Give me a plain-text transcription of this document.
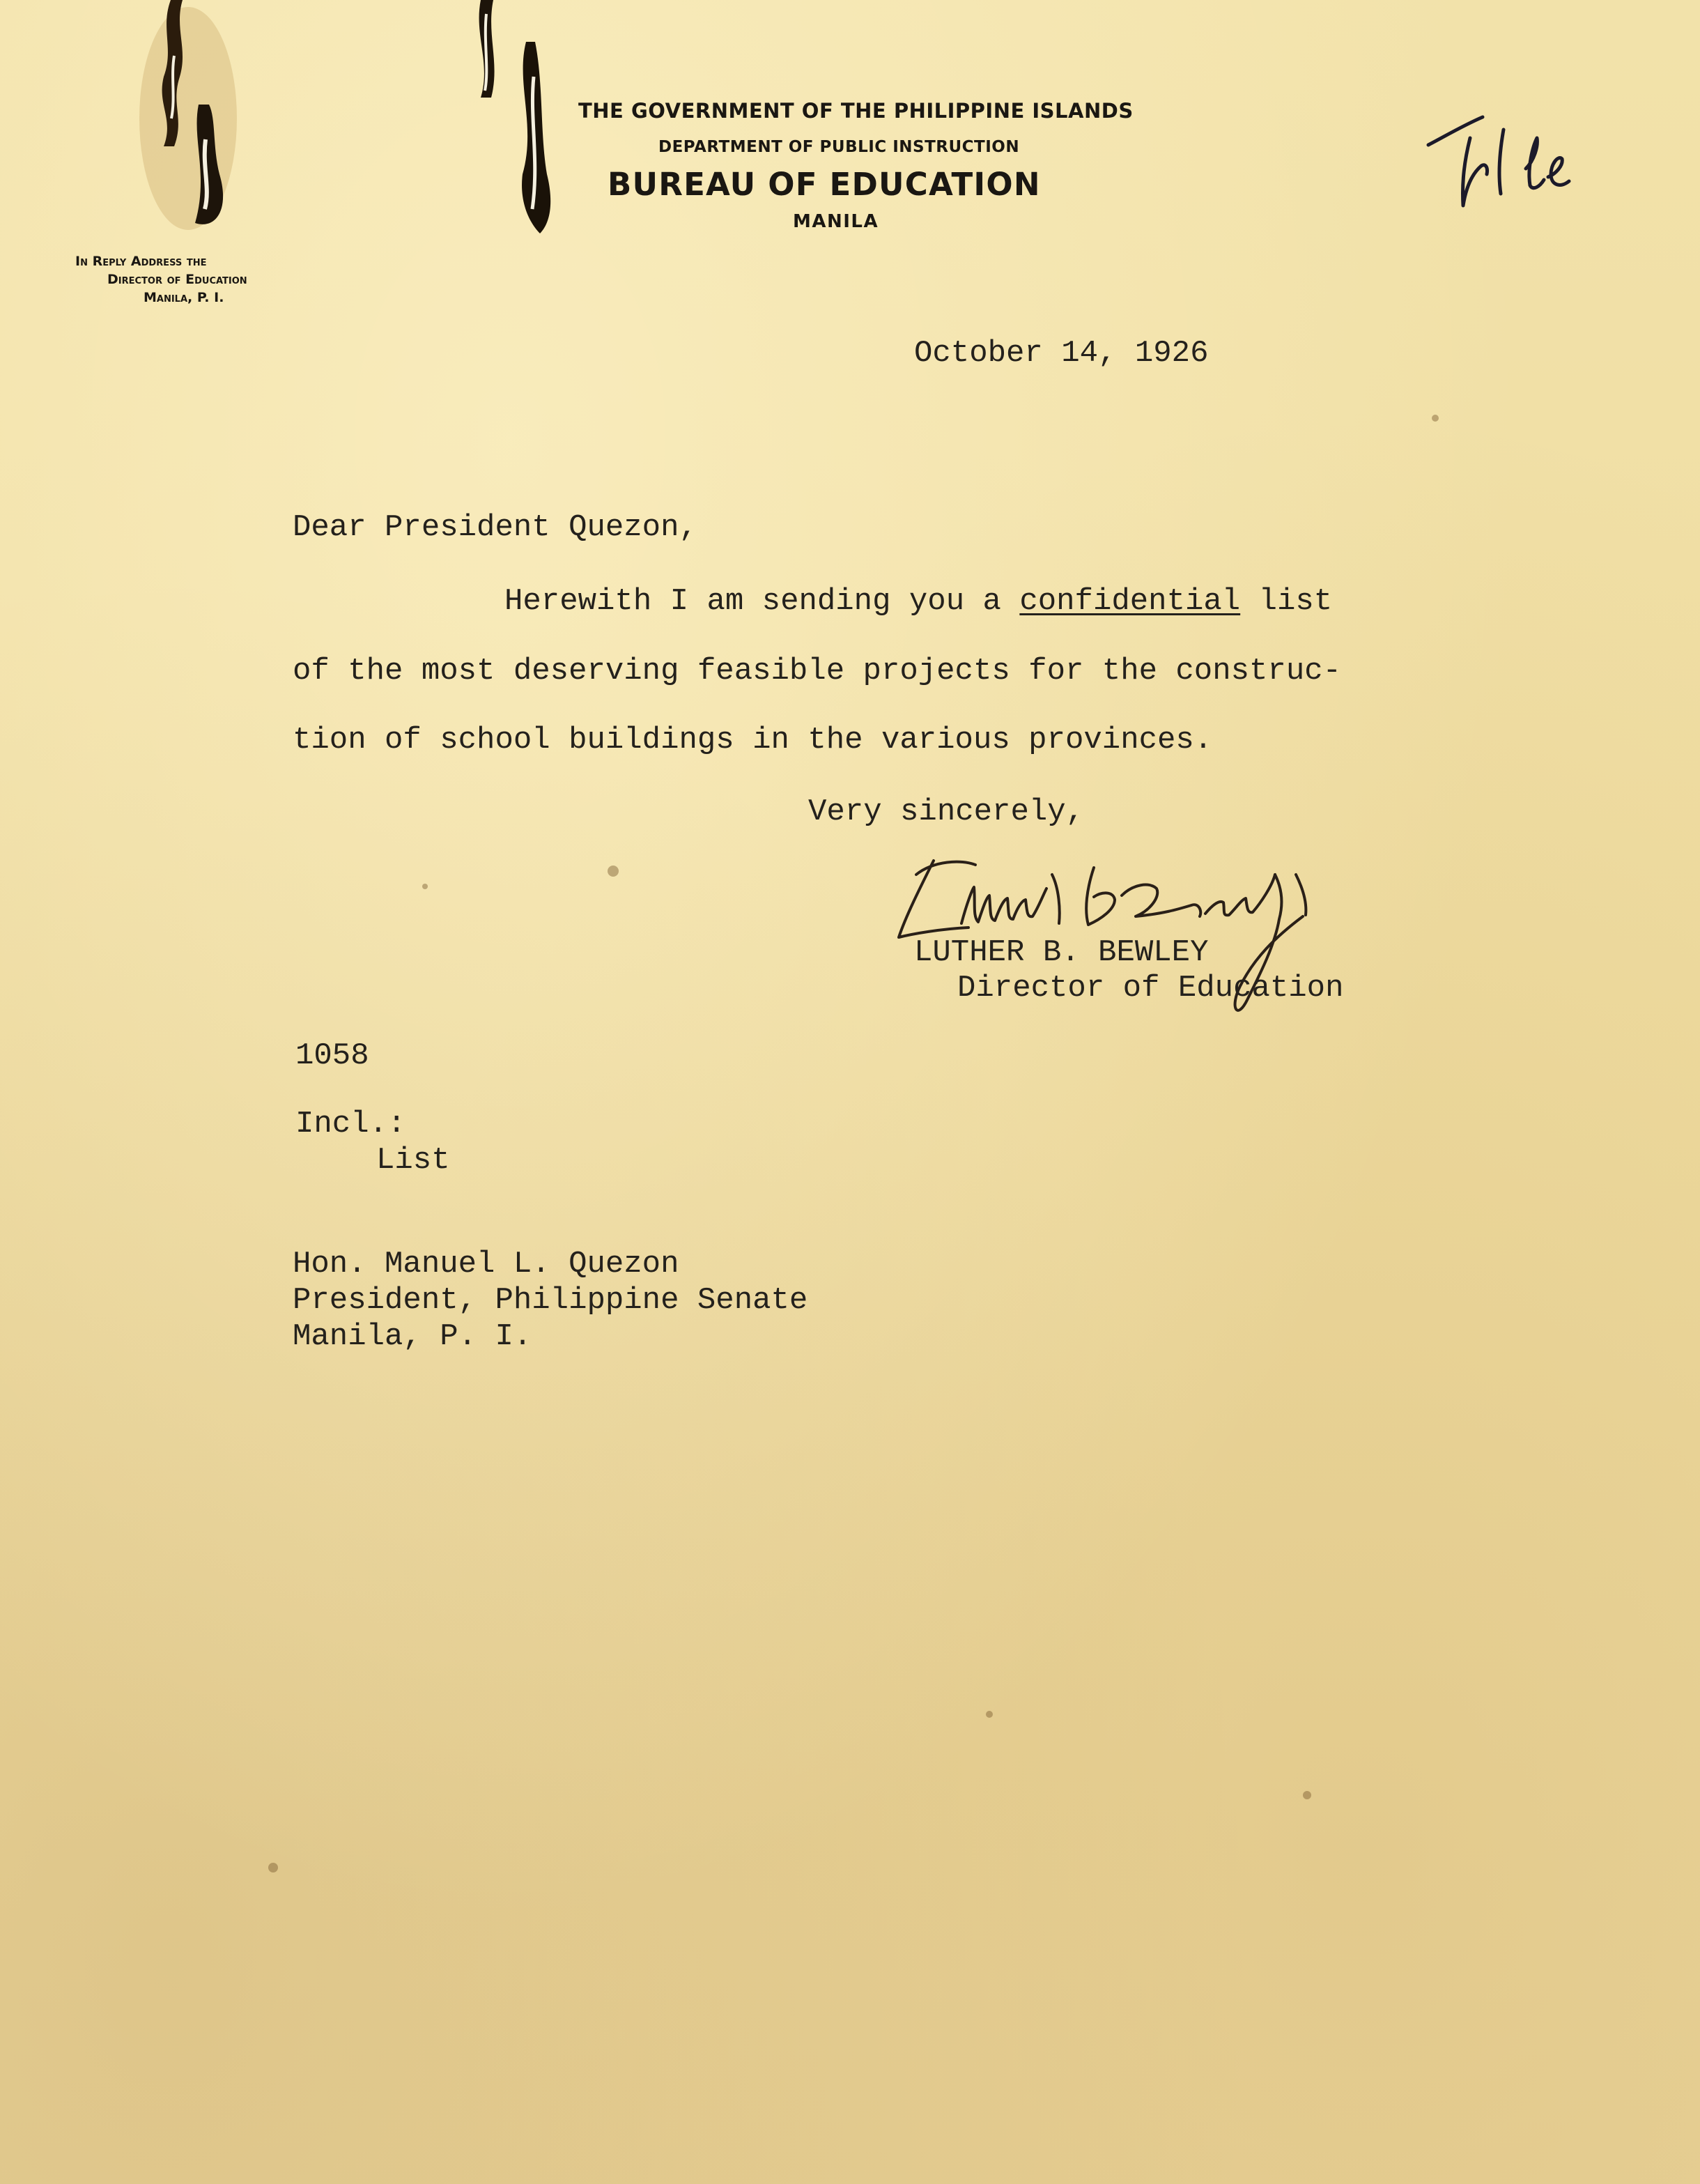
THE GOVERNMENT OF THE PHILIPPINE ISLANDS
DEPARTMENT OF PUBLIC INSTRUCTION
BUREAU OF EDUCATION
MANILA
In Reply Address the
Director of Education
Manila, P. I.
October 14, 1926
Dear President Quezon,
Herewith I am sending you a confidential list
of the most deserving feasible projects for the construc-
tion of school buildings in the various provinces.
Very sincerely,
LUTHER B. BEWLEY
Director of Education
1058
Incl.:
List
Hon. Manuel L. Quezon
President, Philippine Senate
Manila, P. I.
